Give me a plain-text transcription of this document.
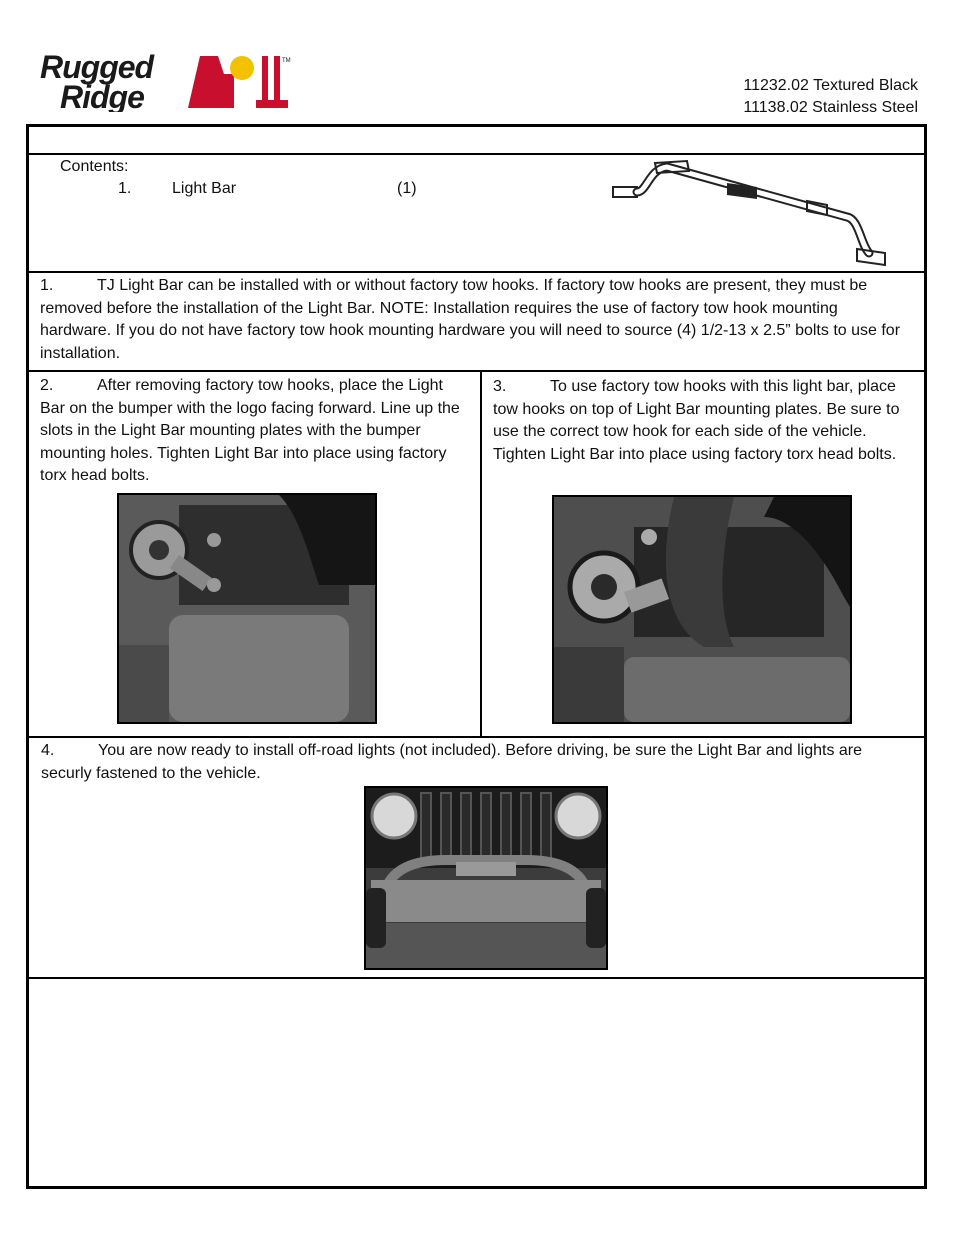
Rugged
Ridge
TM
11232.02 Textured Black
11138.02 Stainless Steel
Contents:
1.	Light Bar	(1)
1.	TJ Light Bar can be installed with or without factory tow hooks. If factory tow hooks are present, they must be removed before the installation of the Light Bar. NOTE: Installation requires the use of factory tow hook mounting hardware. If you do not have factory tow hook mounting hardware you will need to source (4) 1/2-13 x 2.5” bolts to use for installation.
2.	After removing factory tow hooks, place the Light Bar on the bumper with the logo facing forward. Line up the slots in the Light Bar mounting plates with the bumper mounting holes. Tighten Light Bar into place using factory torx head bolts.
3.	To use factory tow hooks with this light bar, place tow hooks on top of Light Bar mounting plates. Be sure to use the correct tow hook for each side of the vehicle. Tighten Light Bar into place using factory torx head bolts.
4.	You are now ready to install off-road lights (not included). Before driving, be sure the Light Bar and lights are securly fastened to the vehicle.
